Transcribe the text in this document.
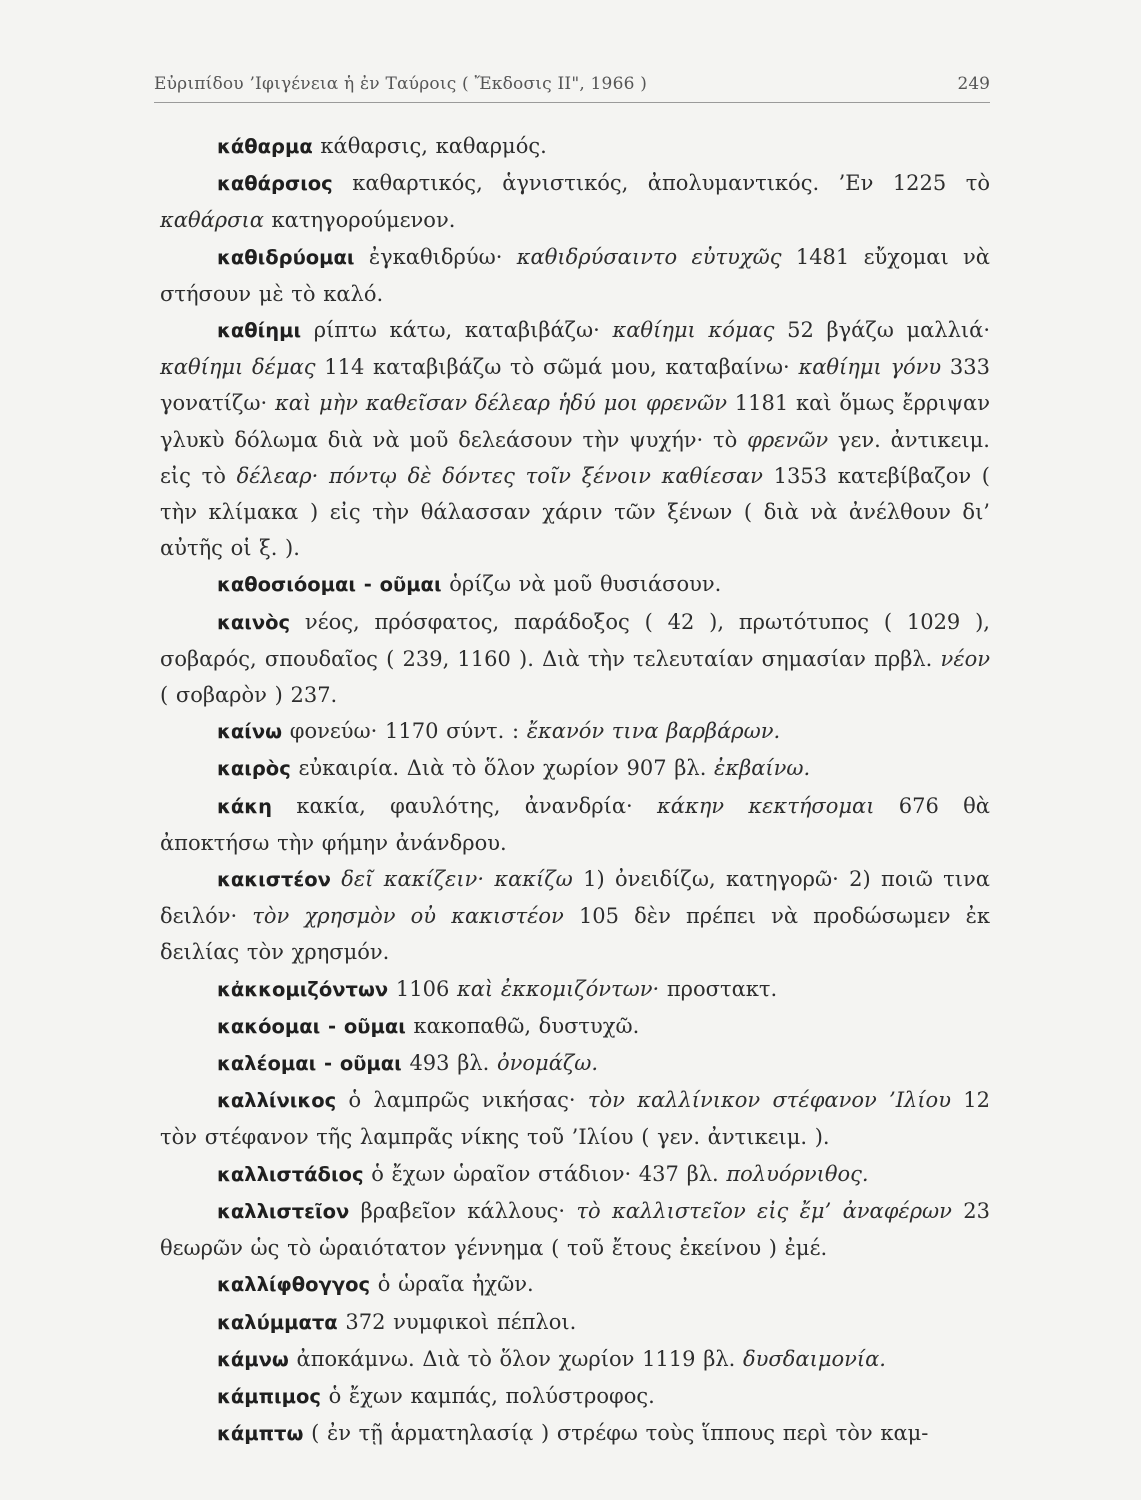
Εὐριπίδου ’Ιφιγένεια ἡ ἐν Ταύροις ( Ἔκδοσις ΙΙ", 1966 )	249

κάθαρμα κάθαρσις, καθαρμός.

καθάρσιος καθαρτικός, ἁγνιστικός, ἀπολυμαντικός. ’Εν 1225 τὸ καθάρσια κατηγορούμενον.

καθιδρύομαι ἐγκαθιδρύω· καθιδρύσαιντο εὐτυχῶς 1481 εὔχομαι νὰ στήσουν μὲ τὸ καλό.

καθίημι ρίπτω κάτω, καταβιβάζω· καθίημι κόμας 52 βγάζω μαλλιά· καθίημι δέμας 114 καταβιβάζω τὸ σῶμά μου, καταβαίνω· καθίημι γόνυ 333 γονατίζω· καὶ μὴν καθεῖσαν δέλεαρ ἡδύ μοι φρενῶν 1181 καὶ ὅμως ἔρριψαν γλυκὺ δόλωμα διὰ νὰ μοῦ δελεάσουν τὴν ψυχήν· τὸ φρενῶν γεν. ἀντικειμ. εἰς τὸ δέλεαρ· πόντῳ δὲ δόντες τοῖν ξένοιν καθίεσαν 1353 κατεβίβαζον ( τὴν κλίμακα ) εἰς τὴν θάλασσαν χάριν τῶν ξένων ( διὰ νὰ ἀνέλθουν δι’ αὐτῆς οἱ ξ. ).

καθοσιόομαι - οῦμαι ὁρίζω νὰ μοῦ θυσιάσουν.

καινὸς νέος, πρόσφατος, παράδοξος ( 42 ), πρωτότυπος ( 1029 ), σοβαρός, σπουδαῖος ( 239, 1160 ). Διὰ τὴν τελευταίαν σημασίαν πρβλ. νέον ( σοβαρὸν ) 237.

καίνω φονεύω· 1170 σύντ. : ἔκανόν τινα βαρβάρων.

καιρὸς εὐκαιρία. Διὰ τὸ ὅλον χωρίον 907 βλ. ἐκβαίνω.

κάκη κακία, φαυλότης, ἀνανδρία· κάκην κεκτήσομαι 676 θὰ ἀποκτήσω τὴν φήμην ἀνάνδρου.

κακιστέον δεῖ κακίζειν· κακίζω 1) ὀνειδίζω, κατηγορῶ· 2) ποιῶ τινα δειλόν· τὸν χρησμὸν οὐ κακιστέον 105 δὲν πρέπει νὰ προδώσωμεν ἐκ δειλίας τὸν χρησμόν.

κἀκκομιζόντων 1106 καὶ ἐκκομιζόντων· προστακτ.

κακόομαι - οῦμαι κακοπαθῶ, δυστυχῶ.

καλέομαι - οῦμαι 493 βλ. ὀνομάζω.

καλλίνικος ὁ λαμπρῶς νικήσας· τὸν καλλίνικον στέφανον ’Ιλίου 12 τὸν στέφανον τῆς λαμπρᾶς νίκης τοῦ ’Ιλίου ( γεν. ἀντικειμ. ).

καλλιστάδιος ὁ ἔχων ὡραῖον στάδιον· 437 βλ. πολυόρνιθος.

καλλιστεῖον βραβεῖον κάλλους· τὸ καλλιστεῖον εἰς ἔμ’ ἀναφέρων 23 θεωρῶν ὡς τὸ ὡραιότατον γέννημα ( τοῦ ἔτους ἐκείνου ) ἐμέ.

καλλίφθογγος ὁ ὡραῖα ἠχῶν.

καλύμματα 372 νυμφικοὶ πέπλοι.

κάμνω ἀποκάμνω. Διὰ τὸ ὅλον χωρίον 1119 βλ. δυσδαιμονία.

κάμπιμος ὁ ἔχων καμπάς, πολύστροφος.

κάμπτω ( ἐν τῇ ἁρματηλασίᾳ ) στρέφω τοὺς ἵππους περὶ τὸν καμ-
